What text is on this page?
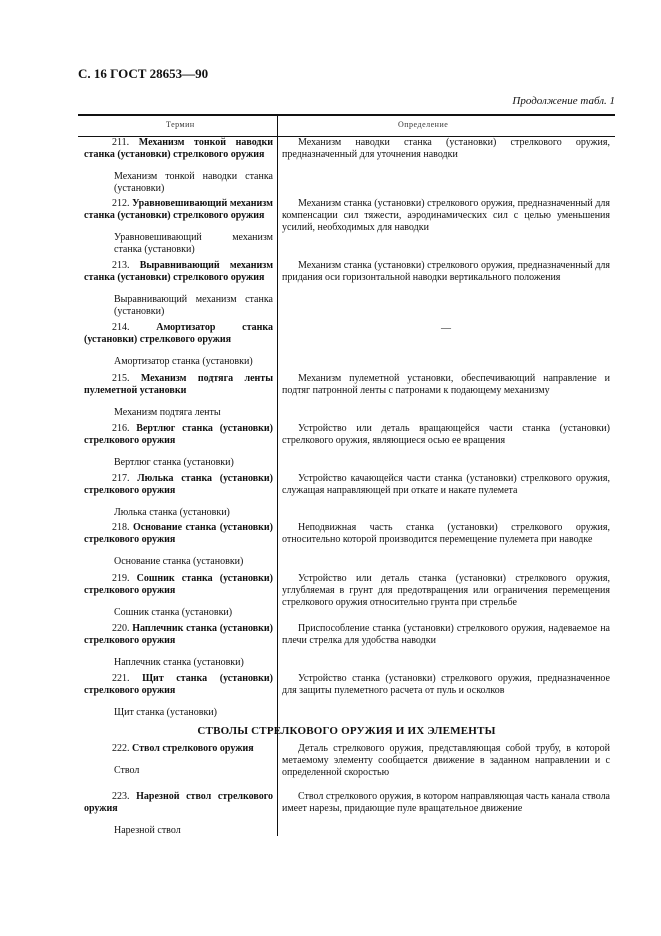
С. 16 ГОСТ 28653—90
Продолжение табл. 1
Термин	Определение
211. Механизм тонкой наводки станка (установки) стрелкового оружия
Механизм тонкой наводки станка (установки)
Механизм наводки станка (установки) стрелкового оружия, предназначенный для уточнения наводки
212. Уравновешивающий механизм станка (установки) стрелкового оружия
Уравновешивающий механизм станка (установки)
Механизм станка (установки) стрелкового оружия, предназначенный для компенсации сил тяжести, аэродинамических сил с целью уменьшения усилий, необходимых для наводки
213. Выравнивающий механизм станка (установки) стрелкового оружия
Выравнивающий механизм станка (установки)
Механизм станка (установки) стрелкового оружия, предназначенный для придания оси горизонтальной наводки вертикального положения
214.	Амортизатор станка (установки) стрелкового оружия
Амортизатор станка (установки)
—
215. Механизм подтяга ленты пулеметной установки
Механизм подтяга ленты
Механизм пулеметной установки, обеспечивающий направление и подтяг патронной ленты с патронами к подающему механизму
216. Вертлюг станка (установки) стрелкового оружия
Вертлюг станка (установки)
Устройство или деталь вращающейся части станка (установки) стрелкового оружия, являющиеся осью ее вращения
217. Люлька станка (установки) стрелкового оружия
Люлька станка (установки)
Устройство качающейся части станка (установки) стрелкового оружия, служащая направляющей при откате и накате пулемета
218. Основание станка (установки) стрелкового оружия
Основание станка (установки)
Неподвижная часть станка (установки) стрелкового оружия, относительно которой производится перемещение пулемета при наводке
219. Сошник станка (установки) стрелкового оружия
Сошник станка (установки)
Устройство или деталь станка (установки) стрелкового оружия, углубляемая в грунт для предотвращения или ограничения перемещения стрелкового оружия относительно грунта при стрельбе
220. Наплечник станка (установки) стрелкового оружия
Наплечник станка (установки)
Приспособление станка (установки) стрелкового оружия, надеваемое на плечи стрелка для удобства наводки
221. Щит станка (установки) стрелкового оружия
Щит станка (установки)
Устройство станка (установки) стрелкового оружия, предназначенное для защиты пулеметного расчета от пуль и осколков
СТВОЛЫ СТРЕЛКОВОГО ОРУЖИЯ И ИХ ЭЛЕМЕНТЫ
222. Ствол стрелкового оружия
Ствол
Деталь стрелкового оружия, представляющая собой трубу, в которой метаемому элементу сообщается движение в заданном направлении и с определенной скоростью
223. Нарезной ствол стрелкового оружия
Нарезной ствол
Ствол стрелкового оружия, в котором направляющая часть канала ствола имеет нарезы, придающие пуле вращательное движение
